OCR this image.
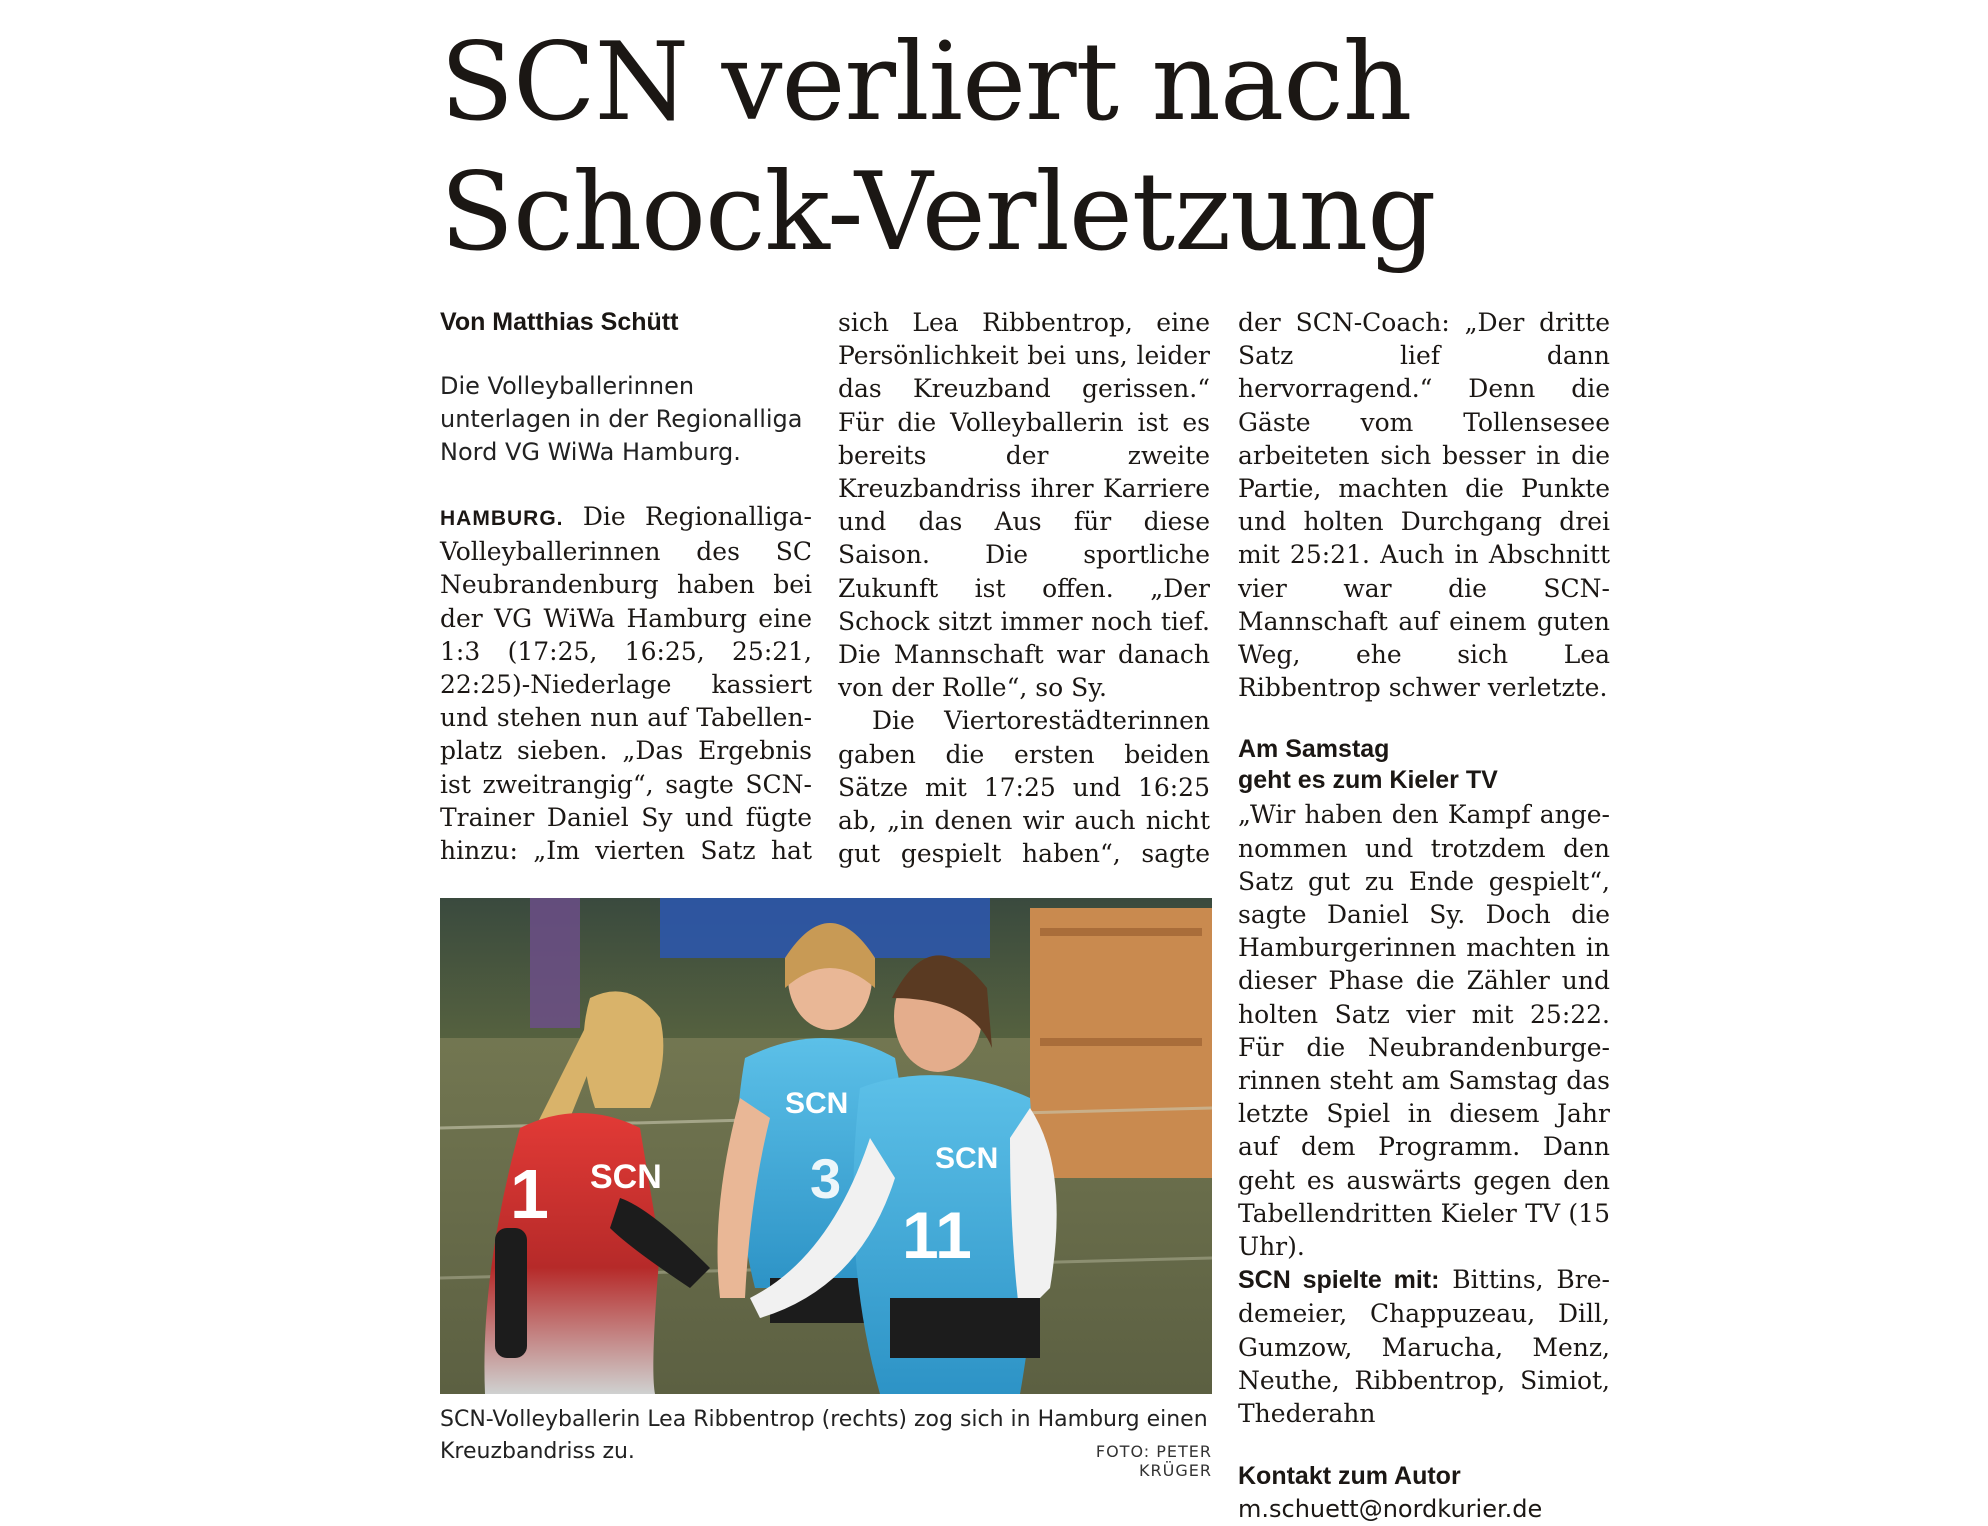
SCN verliert nach
Schock-Verletzung

Von Matthias Schütt

Die Volleyballerinnen unterlagen in der Regionalliga Nord VG WiWa Hamburg.

HAMBURG. Die Regionalliga-Volleyballerinnen des SC Neubrandenburg haben bei der VG WiWa Hamburg eine 1:3 (17:25, 16:25, 25:21, 22:25)-Niederlage kassiert und stehen nun auf Tabellenplatz sieben. „Das Ergebnis ist zweitrangig“, sagte SCN-Trainer Daniel Sy und fügte hinzu: „Im vierten Satz hat

sich Lea Ribbentrop, eine Persönlichkeit bei uns, leider das Kreuzband gerissen.“ Für die Volleyballerin ist es bereits der zweite Kreuzbandriss ihrer Karriere und das Aus für diese Saison. Die sportliche Zukunft ist offen. „Der Schock sitzt immer noch tief. Die Mannschaft war danach von der Rolle“, so Sy.

Die Viertorestädterinnen gaben die ersten beiden Sätze mit 17:25 und 16:25 ab, „in denen wir auch nicht gut gespielt haben“, sagte

der SCN-Coach: „Der dritte Satz lief dann hervorragend.“ Denn die Gäste vom Tollensesee arbeiteten sich besser in die Partie, machten die Punkte und holten Durchgang drei mit 25:21. Auch in Abschnitt vier war die SCN-Mannschaft auf einem guten Weg, ehe sich Lea Ribbentrop schwer verletzte.

Am Samstag
geht es zum Kieler TV

„Wir haben den Kampf angenommen und trotzdem den Satz gut zu Ende gespielt“, sagte Daniel Sy. Doch die Hamburgerinnen machten in dieser Phase die Zähler und holten Satz vier mit 25:22. Für die Neubrandenburgerinnen steht am Samstag das letzte Spiel in diesem Jahr auf dem Programm. Dann geht es auswärts gegen den Tabellendritten Kieler TV (15 Uhr).

SCN spielte mit: Bittins, Bredemeier, Chappuzeau, Dill, Gumzow, Marucha, Menz, Neuthe, Ribbentrop, Simiot, Thederahn

Kontakt zum Autor

m.schuett@nordkurier.de

SCN
1
SCN
3	SCN
11
SCN-Volleyballerin Lea Ribbentrop (rechts) zog sich in Hamburg einen Kreuzbandriss zu.	FOTO: PETER KRÜGER
